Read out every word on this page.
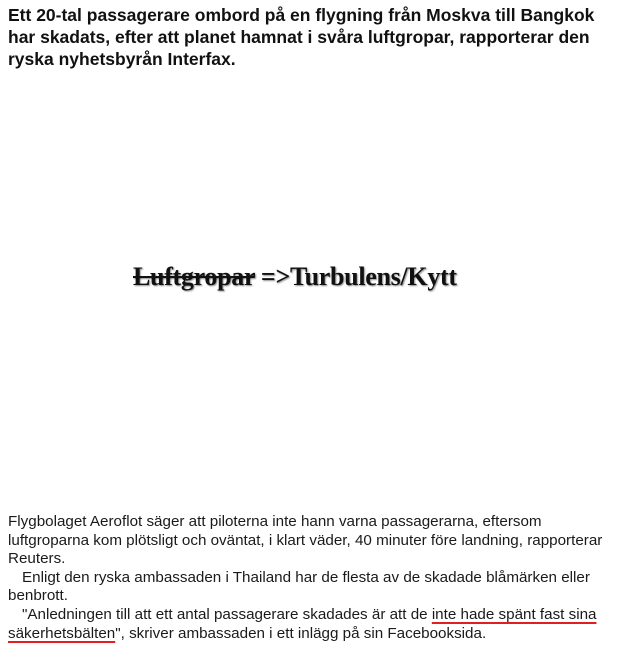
Ett 20-tal passagerare ombord på en flygning från Moskva till Bangkok har skadats, efter att planet hamnat i svåra luftgropar, rapporterar den ryska nyhetsbyrån Interfax.

Luftgropar =>Turbulens/Kytt

Flygbolaget Aeroflot säger att piloterna inte hann varna passagerarna, eftersom luftgroparna kom plötsligt och oväntat, i klart väder, 40 minuter före landning, rapporterar Reuters.

Enligt den ryska ambassaden i Thailand har de flesta av de skadade blåmärken eller benbrott.

"Anledningen till att ett antal passagerare skadades är att de inte hade spänt fast sina säkerhetsbälten", skriver ambassaden i ett inlägg på sin Facebooksida.
